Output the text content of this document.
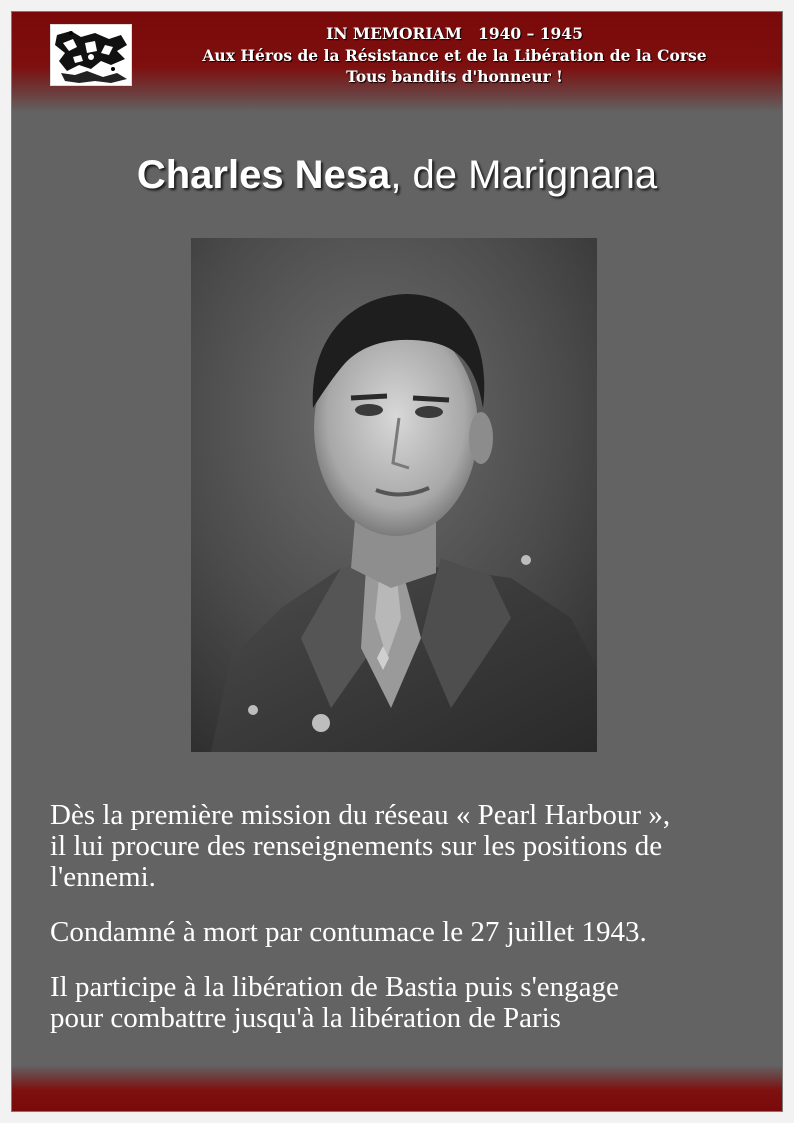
IN MEMORIAM   1940 – 1945
Aux Héros de la Résistance et de la Libération de la Corse
Tous bandits d'honneur !
Charles Nesa, de Marignana

Dès la première mission du réseau « Pearl Harbour »,
il lui procure des renseignements sur les positions de
l'ennemi.

Condamné à mort par contumace le 27 juillet 1943.

Il participe à la libération de Bastia puis s'engage
pour combattre jusqu'à la libération de Paris
